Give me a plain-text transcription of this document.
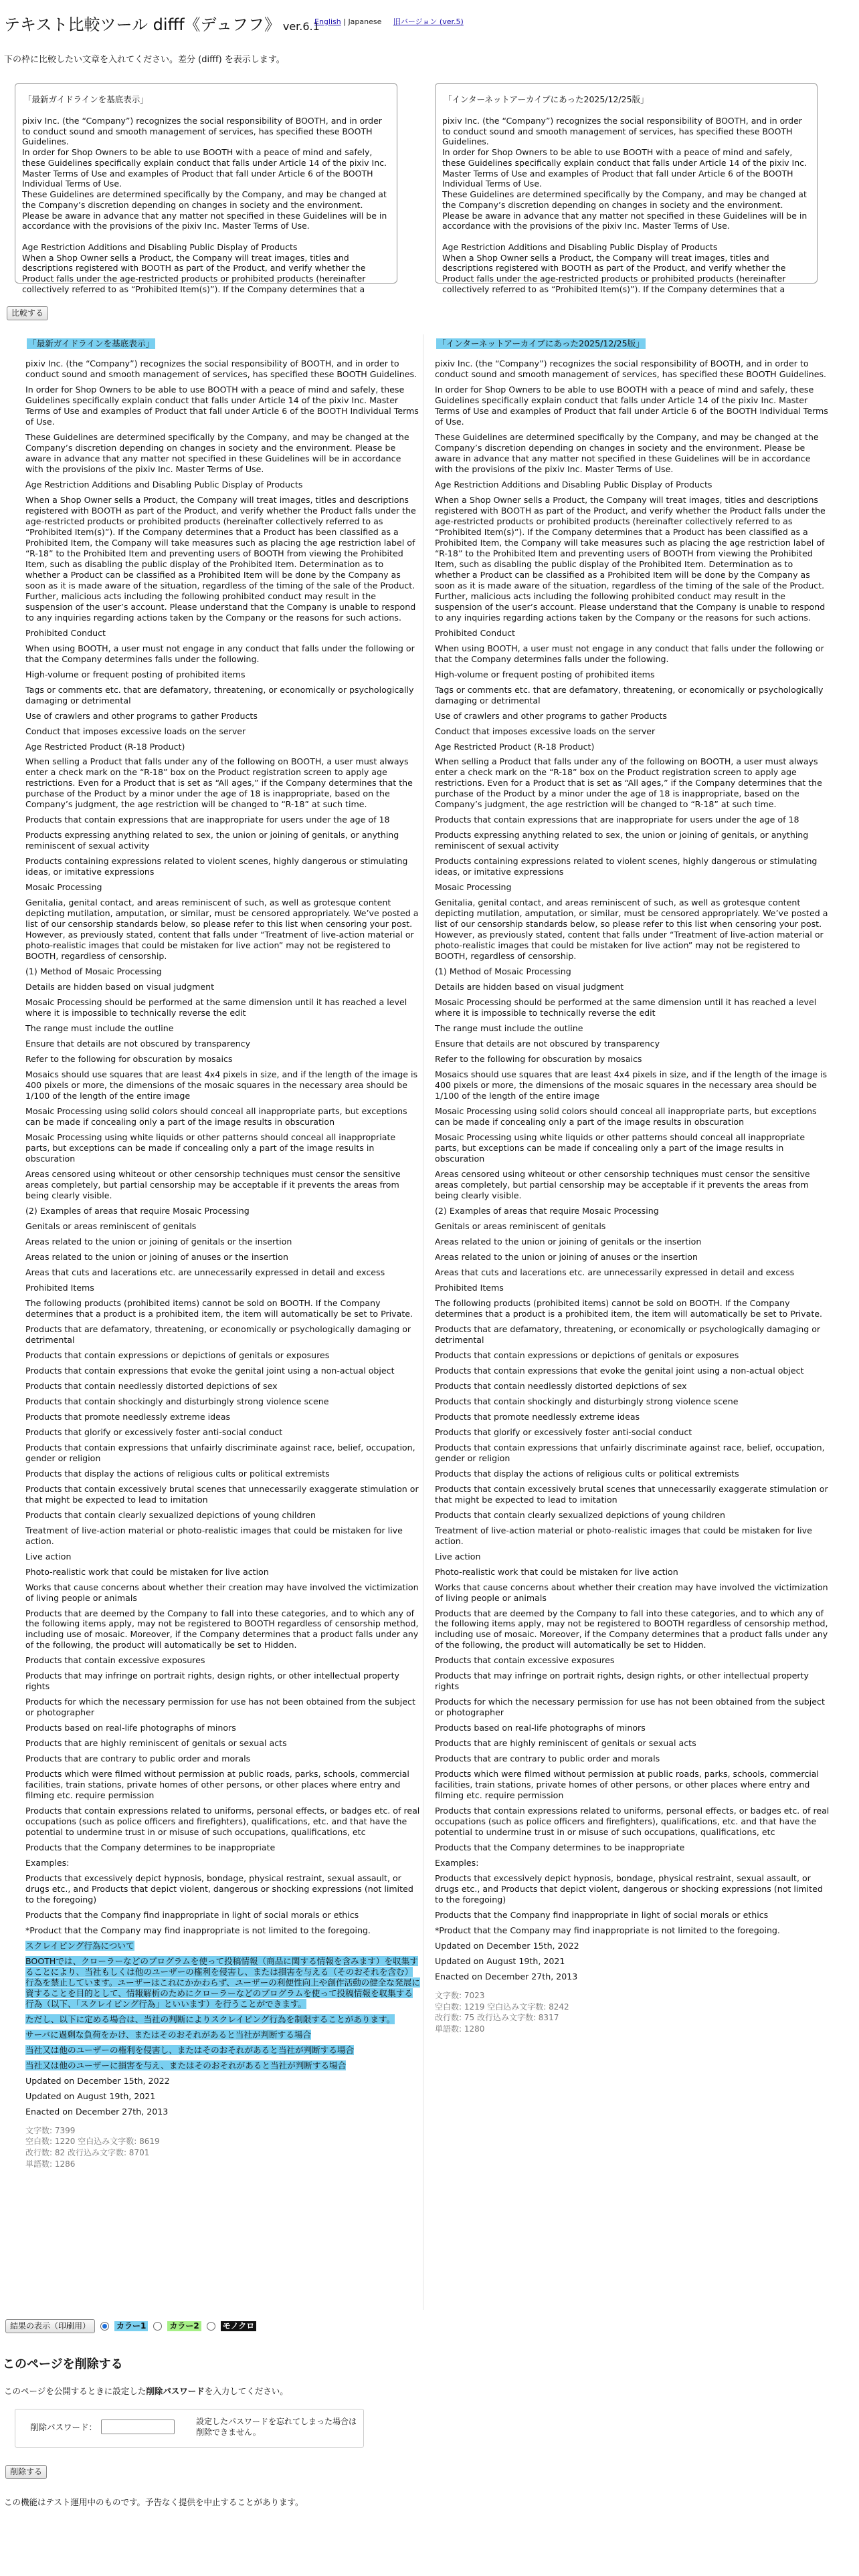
テキスト比較ツール difff《デュフフ》 ver.6.1
English | Japanese 旧バージョン (ver.5)
下の枠に比較したい文章を入れてください。差分 (difff) を表示します。
「最新ガイドラインを基底表示」

pixiv Inc. (the “Company”) recognizes the social responsibility of BOOTH, and in order to conduct sound and smooth management of services, has specified these BOOTH Guidelines.
In order for Shop Owners to be able to use BOOTH with a peace of mind and safely, these Guidelines specifically explain conduct that falls under Article 14 of the pixiv Inc. Master Terms of Use and examples of Product that fall under Article 6 of the BOOTH Individual Terms of Use.
These Guidelines are determined specifically by the Company, and may be changed at the Company’s discretion depending on changes in society and the environment. Please be aware in advance that any matter not specified in these Guidelines will be in accordance with the provisions of the pixiv Inc. Master Terms of Use.

Age Restriction Additions and Disabling Public Display of Products
When a Shop Owner sells a Product, the Company will treat images, titles and descriptions registered with BOOTH as part of the Product, and verify whether the Product falls under the age-restricted products or prohibited products (hereinafter collectively referred to as “Prohibited Item(s)”). If the Company determines that a

「インターネットアーカイブにあった2025/12/25版」

pixiv Inc. (the “Company”) recognizes the social responsibility of BOOTH, and in order to conduct sound and smooth management of services, has specified these BOOTH Guidelines.
In order for Shop Owners to be able to use BOOTH with a peace of mind and safely, these Guidelines specifically explain conduct that falls under Article 14 of the pixiv Inc. Master Terms of Use and examples of Product that fall under Article 6 of the BOOTH Individual Terms of Use.
These Guidelines are determined specifically by the Company, and may be changed at the Company’s discretion depending on changes in society and the environment. Please be aware in advance that any matter not specified in these Guidelines will be in accordance with the provisions of the pixiv Inc. Master Terms of Use.

Age Restriction Additions and Disabling Public Display of Products
When a Shop Owner sells a Product, the Company will treat images, titles and descriptions registered with BOOTH as part of the Product, and verify whether the Product falls under the age-restricted products or prohibited products (hereinafter collectively referred to as “Prohibited Item(s)”). If the Company determines that a

比較する
「最新ガイドラインを基底表示」

pixiv Inc. (the “Company”) recognizes the social responsibility of BOOTH, and in order to conduct sound and smooth management of services, has specified these BOOTH Guidelines.

In order for Shop Owners to be able to use BOOTH with a peace of mind and safely, these Guidelines specifically explain conduct that falls under Article 14 of the pixiv Inc. Master Terms of Use and examples of Product that fall under Article 6 of the BOOTH Individual Terms of Use.

These Guidelines are determined specifically by the Company, and may be changed at the Company’s discretion depending on changes in society and the environment. Please be aware in advance that any matter not specified in these Guidelines will be in accordance with the provisions of the pixiv Inc. Master Terms of Use.

Age Restriction Additions and Disabling Public Display of Products

When a Shop Owner sells a Product, the Company will treat images, titles and descriptions registered with BOOTH as part of the Product, and verify whether the Product falls under the age-restricted products or prohibited products (hereinafter collectively referred to as “Prohibited Item(s)”). If the Company determines that a Product has been classified as a Prohibited Item, the Company will take measures such as placing the age restriction label of “R-18” to the Prohibited Item and preventing users of BOOTH from viewing the Prohibited Item, such as disabling the public display of the Prohibited Item. Determination as to whether a Product can be classified as a Prohibited Item will be done by the Company as soon as it is made aware of the situation, regardless of the timing of the sale of the Product. Further, malicious acts including the following prohibited conduct may result in the suspension of the user’s account. Please understand that the Company is unable to respond to any inquiries regarding actions taken by the Company or the reasons for such actions.

Prohibited Conduct

When using BOOTH, a user must not engage in any conduct that falls under the following or that the Company determines falls under the following.

High-volume or frequent posting of prohibited items

Tags or comments etc. that are defamatory, threatening, or economically or psychologically damaging or detrimental

Use of crawlers and other programs to gather Products

Conduct that imposes excessive loads on the server

Age Restricted Product (R-18 Product)

When selling a Product that falls under any of the following on BOOTH, a user must always enter a check mark on the “R-18” box on the Product registration screen to apply age restrictions. Even for a Product that is set as “All ages,” if the Company determines that the purchase of the Product by a minor under the age of 18 is inappropriate, based on the Company’s judgment, the age restriction will be changed to “R-18” at such time.

Products that contain expressions that are inappropriate for users under the age of 18

Products expressing anything related to sex, the union or joining of genitals, or anything reminiscent of sexual activity

Products containing expressions related to violent scenes, highly dangerous or stimulating ideas, or imitative expressions

Mosaic Processing

Genitalia, genital contact, and areas reminiscent of such, as well as grotesque content depicting mutilation, amputation, or similar, must be censored appropriately. We’ve posted a list of our censorship standards below, so please refer to this list when censoring your post. However, as previously stated, content that falls under “Treatment of live-action material or photo-realistic images that could be mistaken for live action” may not be registered to BOOTH, regardless of censorship.

(1) Method of Mosaic Processing

Details are hidden based on visual judgment

Mosaic Processing should be performed at the same dimension until it has reached a level where it is impossible to technically reverse the edit

The range must include the outline

Ensure that details are not obscured by transparency

Refer to the following for obscuration by mosaics

Mosaics should use squares that are least 4x4 pixels in size, and if the length of the image is 400 pixels or more, the dimensions of the mosaic squares in the necessary area should be 1/100 of the length of the entire image

Mosaic Processing using solid colors should conceal all inappropriate parts, but exceptions can be made if concealing only a part of the image results in obscuration

Mosaic Processing using white liquids or other patterns should conceal all inappropriate parts, but exceptions can be made if concealing only a part of the image results in obscuration

Areas censored using whiteout or other censorship techniques must censor the sensitive areas completely, but partial censorship may be acceptable if it prevents the areas from being clearly visible.

(2) Examples of areas that require Mosaic Processing

Genitals or areas reminiscent of genitals

Areas related to the union or joining of genitals or the insertion

Areas related to the union or joining of anuses or the insertion

Areas that cuts and lacerations etc. are unnecessarily expressed in detail and excess

Prohibited Items

The following products (prohibited items) cannot be sold on BOOTH. If the Company determines that a product is a prohibited item, the item will automatically be set to Private.

Products that are defamatory, threatening, or economically or psychologically damaging or detrimental

Products that contain expressions or depictions of genitals or exposures

Products that contain expressions that evoke the genital joint using a non-actual object

Products that contain needlessly distorted depictions of sex

Products that contain shockingly and disturbingly strong violence scene

Products that promote needlessly extreme ideas

Products that glorify or excessively foster anti-social conduct

Products that contain expressions that unfairly discriminate against race, belief, occupation, gender or religion

Products that display the actions of religious cults or political extremists

Products that contain excessively brutal scenes that unnecessarily exaggerate stimulation or that might be expected to lead to imitation

Products that contain clearly sexualized depictions of young children

Treatment of live-action material or photo-realistic images that could be mistaken for live action.

Live action

Photo-realistic work that could be mistaken for live action

Works that cause concerns about whether their creation may have involved the victimization of living people or animals

Products that are deemed by the Company to fall into these categories, and to which any of the following items apply, may not be registered to BOOTH regardless of censorship method, including use of mosaic. Moreover, if the Company determines that a product falls under any of the following, the product will automatically be set to Hidden.

Products that contain excessive exposures

Products that may infringe on portrait rights, design rights, or other intellectual property rights

Products for which the necessary permission for use has not been obtained from the subject or photographer

Products based on real-life photographs of minors

Products that are highly reminiscent of genitals or sexual acts

Products that are contrary to public order and morals

Products which were filmed without permission at public roads, parks, schools, commercial facilities, train stations, private homes of other persons, or other places where entry and filming etc. require permission

Products that contain expressions related to uniforms, personal effects, or badges etc. of real occupations (such as police officers and firefighters), qualifications, etc. and that have the potential to undermine trust in or misuse of such occupations, qualifications, etc

Products that the Company determines to be inappropriate

Examples:

Products that excessively depict hypnosis, bondage, physical restraint, sexual assault, or drugs etc., and Products that depict violent, dangerous or shocking expressions (not limited to the foregoing)

Products that the Company find inappropriate in light of social morals or ethics

*Product that the Company may find inappropriate is not limited to the foregoing.

スクレイピング行為について

BOOTHでは、クローラーなどのプログラムを使って投稿情報（商品に関する情報を含みます）を収集することにより、当社もしくは他のユーザーの権利を侵害し、または損害を与える（そのおそれを含む）行為を禁止しています。ユーザーはこれにかかわらず、ユーザーの利便性向上や創作活動の健全な発展に資することを目的として、情報解析のためにクローラーなどのプログラムを使って投稿情報を収集する行為（以下、「スクレイピング行為」といいます）を行うことができます。

ただし、以下に定める場合は、当社の判断によりスクレイピング行為を制限することがあります。

サーバに過剰な負荷をかけ、またはそのおそれがあると当社が判断する場合

当社又は他のユーザーの権利を侵害し、またはそのおそれがあると当社が判断する場合

当社又は他のユーザーに損害を与え、またはそのおそれがあると当社が判断する場合

Updated on December 15th, 2022

Updated on August 19th, 2021

Enacted on December 27th, 2013

文字数: 7399
空白数: 1220 空白込み文字数: 8619
改行数: 82 改行込み文字数: 8701
単語数: 1286
「インターネットアーカイブにあった2025/12/25版」

pixiv Inc. (the “Company”) recognizes the social responsibility of BOOTH, and in order to conduct sound and smooth management of services, has specified these BOOTH Guidelines.

In order for Shop Owners to be able to use BOOTH with a peace of mind and safely, these Guidelines specifically explain conduct that falls under Article 14 of the pixiv Inc. Master Terms of Use and examples of Product that fall under Article 6 of the BOOTH Individual Terms of Use.

These Guidelines are determined specifically by the Company, and may be changed at the Company’s discretion depending on changes in society and the environment. Please be aware in advance that any matter not specified in these Guidelines will be in accordance with the provisions of the pixiv Inc. Master Terms of Use.

Age Restriction Additions and Disabling Public Display of Products

When a Shop Owner sells a Product, the Company will treat images, titles and descriptions registered with BOOTH as part of the Product, and verify whether the Product falls under the age-restricted products or prohibited products (hereinafter collectively referred to as “Prohibited Item(s)”). If the Company determines that a Product has been classified as a Prohibited Item, the Company will take measures such as placing the age restriction label of “R-18” to the Prohibited Item and preventing users of BOOTH from viewing the Prohibited Item, such as disabling the public display of the Prohibited Item. Determination as to whether a Product can be classified as a Prohibited Item will be done by the Company as soon as it is made aware of the situation, regardless of the timing of the sale of the Product. Further, malicious acts including the following prohibited conduct may result in the suspension of the user’s account. Please understand that the Company is unable to respond to any inquiries regarding actions taken by the Company or the reasons for such actions.

Prohibited Conduct

When using BOOTH, a user must not engage in any conduct that falls under the following or that the Company determines falls under the following.

High-volume or frequent posting of prohibited items

Tags or comments etc. that are defamatory, threatening, or economically or psychologically damaging or detrimental

Use of crawlers and other programs to gather Products

Conduct that imposes excessive loads on the server

Age Restricted Product (R-18 Product)

When selling a Product that falls under any of the following on BOOTH, a user must always enter a check mark on the “R-18” box on the Product registration screen to apply age restrictions. Even for a Product that is set as “All ages,” if the Company determines that the purchase of the Product by a minor under the age of 18 is inappropriate, based on the Company’s judgment, the age restriction will be changed to “R-18” at such time.

Products that contain expressions that are inappropriate for users under the age of 18

Products expressing anything related to sex, the union or joining of genitals, or anything reminiscent of sexual activity

Products containing expressions related to violent scenes, highly dangerous or stimulating ideas, or imitative expressions

Mosaic Processing

Genitalia, genital contact, and areas reminiscent of such, as well as grotesque content depicting mutilation, amputation, or similar, must be censored appropriately. We’ve posted a list of our censorship standards below, so please refer to this list when censoring your post. However, as previously stated, content that falls under “Treatment of live-action material or photo-realistic images that could be mistaken for live action” may not be registered to BOOTH, regardless of censorship.

(1) Method of Mosaic Processing

Details are hidden based on visual judgment

Mosaic Processing should be performed at the same dimension until it has reached a level where it is impossible to technically reverse the edit

The range must include the outline

Ensure that details are not obscured by transparency

Refer to the following for obscuration by mosaics

Mosaics should use squares that are least 4x4 pixels in size, and if the length of the image is 400 pixels or more, the dimensions of the mosaic squares in the necessary area should be 1/100 of the length of the entire image

Mosaic Processing using solid colors should conceal all inappropriate parts, but exceptions can be made if concealing only a part of the image results in obscuration

Mosaic Processing using white liquids or other patterns should conceal all inappropriate parts, but exceptions can be made if concealing only a part of the image results in obscuration

Areas censored using whiteout or other censorship techniques must censor the sensitive areas completely, but partial censorship may be acceptable if it prevents the areas from being clearly visible.

(2) Examples of areas that require Mosaic Processing

Genitals or areas reminiscent of genitals

Areas related to the union or joining of genitals or the insertion

Areas related to the union or joining of anuses or the insertion

Areas that cuts and lacerations etc. are unnecessarily expressed in detail and excess

Prohibited Items

The following products (prohibited items) cannot be sold on BOOTH. If the Company determines that a product is a prohibited item, the item will automatically be set to Private.

Products that are defamatory, threatening, or economically or psychologically damaging or detrimental

Products that contain expressions or depictions of genitals or exposures

Products that contain expressions that evoke the genital joint using a non-actual object

Products that contain needlessly distorted depictions of sex

Products that contain shockingly and disturbingly strong violence scene

Products that promote needlessly extreme ideas

Products that glorify or excessively foster anti-social conduct

Products that contain expressions that unfairly discriminate against race, belief, occupation, gender or religion

Products that display the actions of religious cults or political extremists

Products that contain excessively brutal scenes that unnecessarily exaggerate stimulation or that might be expected to lead to imitation

Products that contain clearly sexualized depictions of young children

Treatment of live-action material or photo-realistic images that could be mistaken for live action.

Live action

Photo-realistic work that could be mistaken for live action

Works that cause concerns about whether their creation may have involved the victimization of living people or animals

Products that are deemed by the Company to fall into these categories, and to which any of the following items apply, may not be registered to BOOTH regardless of censorship method, including use of mosaic. Moreover, if the Company determines that a product falls under any of the following, the product will automatically be set to Hidden.

Products that contain excessive exposures

Products that may infringe on portrait rights, design rights, or other intellectual property rights

Products for which the necessary permission for use has not been obtained from the subject or photographer

Products based on real-life photographs of minors

Products that are highly reminiscent of genitals or sexual acts

Products that are contrary to public order and morals

Products which were filmed without permission at public roads, parks, schools, commercial facilities, train stations, private homes of other persons, or other places where entry and filming etc. require permission

Products that contain expressions related to uniforms, personal effects, or badges etc. of real occupations (such as police officers and firefighters), qualifications, etc. and that have the potential to undermine trust in or misuse of such occupations, qualifications, etc

Products that the Company determines to be inappropriate

Examples:

Products that excessively depict hypnosis, bondage, physical restraint, sexual assault, or drugs etc., and Products that depict violent, dangerous or shocking expressions (not limited to the foregoing)

Products that the Company find inappropriate in light of social morals or ethics

*Product that the Company may find inappropriate is not limited to the foregoing.

Updated on December 15th, 2022

Updated on August 19th, 2021

Enacted on December 27th, 2013

文字数: 7023
空白数: 1219 空白込み文字数: 8242
改行数: 75 改行込み文字数: 8317
単語数: 1280
結果の表示（印刷用）	カラー1	カラー2	モノクロ
このページを削除する
このページを公開するときに設定した削除パスワードを入力してください。
削除パスワード：
設定したパスワードを忘れてしまった場合は削除できません。
削除する
この機能はテスト運用中のものです。予告なく提供を中止することがあります。
